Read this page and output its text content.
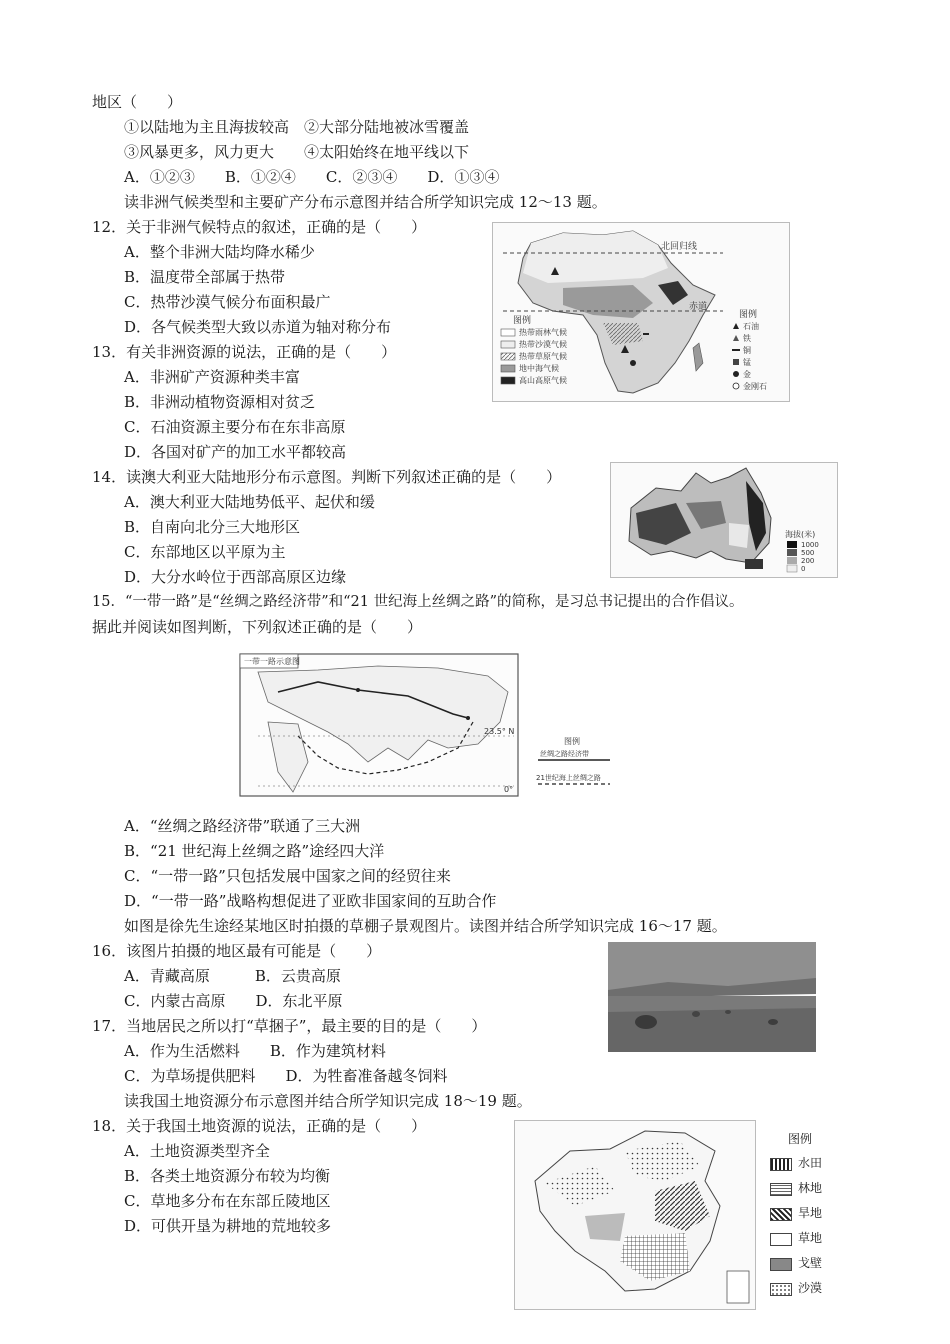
地区（　　）
①以陆地为主且海拔较高　②大部分陆地被冰雪覆盖
③风暴更多，风力更大　　④太阳始终在地平线以下
A．①②③　　B．①②④　　C．②③④　　D．①③④
读非洲气候类型和主要矿产分布示意图并结合所学知识完成 12～13 题。
12．关于非洲气候特点的叙述，正确的是（　　）
A．整个非洲大陆均降水稀少
B．温度带全部属于热带
C．热带沙漠气候分布面积最广
D．各气候类型大致以赤道为轴对称分布
13．有关非洲资源的说法，正确的是（　　）
A．非洲矿产资源种类丰富
B．非洲动植物资源相对贫乏
C．石油资源主要分布在东非高原
D．各国对矿产的加工水平都较高
14．读澳大利亚大陆地形分布示意图。判断下列叙述正确的是（　　）
A．澳大利亚大陆地势低平、起伏和缓
B．自南向北分三大地形区
C．东部地区以平原为主
D．大分水岭位于西部高原区边缘
15．“一带一路”是“丝绸之路经济带”和“21 世纪海上丝绸之路”的简称，是习总书记提出的合作倡议。
据此并阅读如图判断，下列叙述正确的是（　　）
A．“丝绸之路经济带”联通了三大洲
B．“21 世纪海上丝绸之路”途经四大洋
C．“一带一路”只包括发展中国家之间的经贸往来
D．“一带一路”战略构想促进了亚欧非国家间的互助合作
如图是徐先生途经某地区时拍摄的草棚子景观图片。读图并结合所学知识完成 16～17 题。
16．该图片拍摄的地区最有可能是（　　）
A．青藏高原　　　B．云贵高原
C．内蒙古高原　　D．东北平原
17．当地居民之所以打“草捆子”，最主要的目的是（　　）
A．作为生活燃料　　B．作为建筑材料
C．为草场提供肥料　　D．为牲畜准备越冬饲料
读我国土地资源分布示意图并结合所学知识完成 18～19 题。
18．关于我国土地资源的说法，正确的是（　　）
A．土地资源类型齐全
B．各类土地资源分布较为均衡
C．草地多分布在东部丘陵地区
D．可供开垦为耕地的荒地较多
北回归线
赤道
图例
热带雨林气候
热带沙漠气候
热带草原气候
地中海气候
高山高原气候
图例
石油
铁
铜
锰
金
金刚石
海拔(米)
1000
500
200
0
一带一路示意图
23.5° N
0°
图例
丝绸之路经济带
21世纪海上丝绸之路
图例
水田
林地
旱地
草地
戈壁
沙漠
